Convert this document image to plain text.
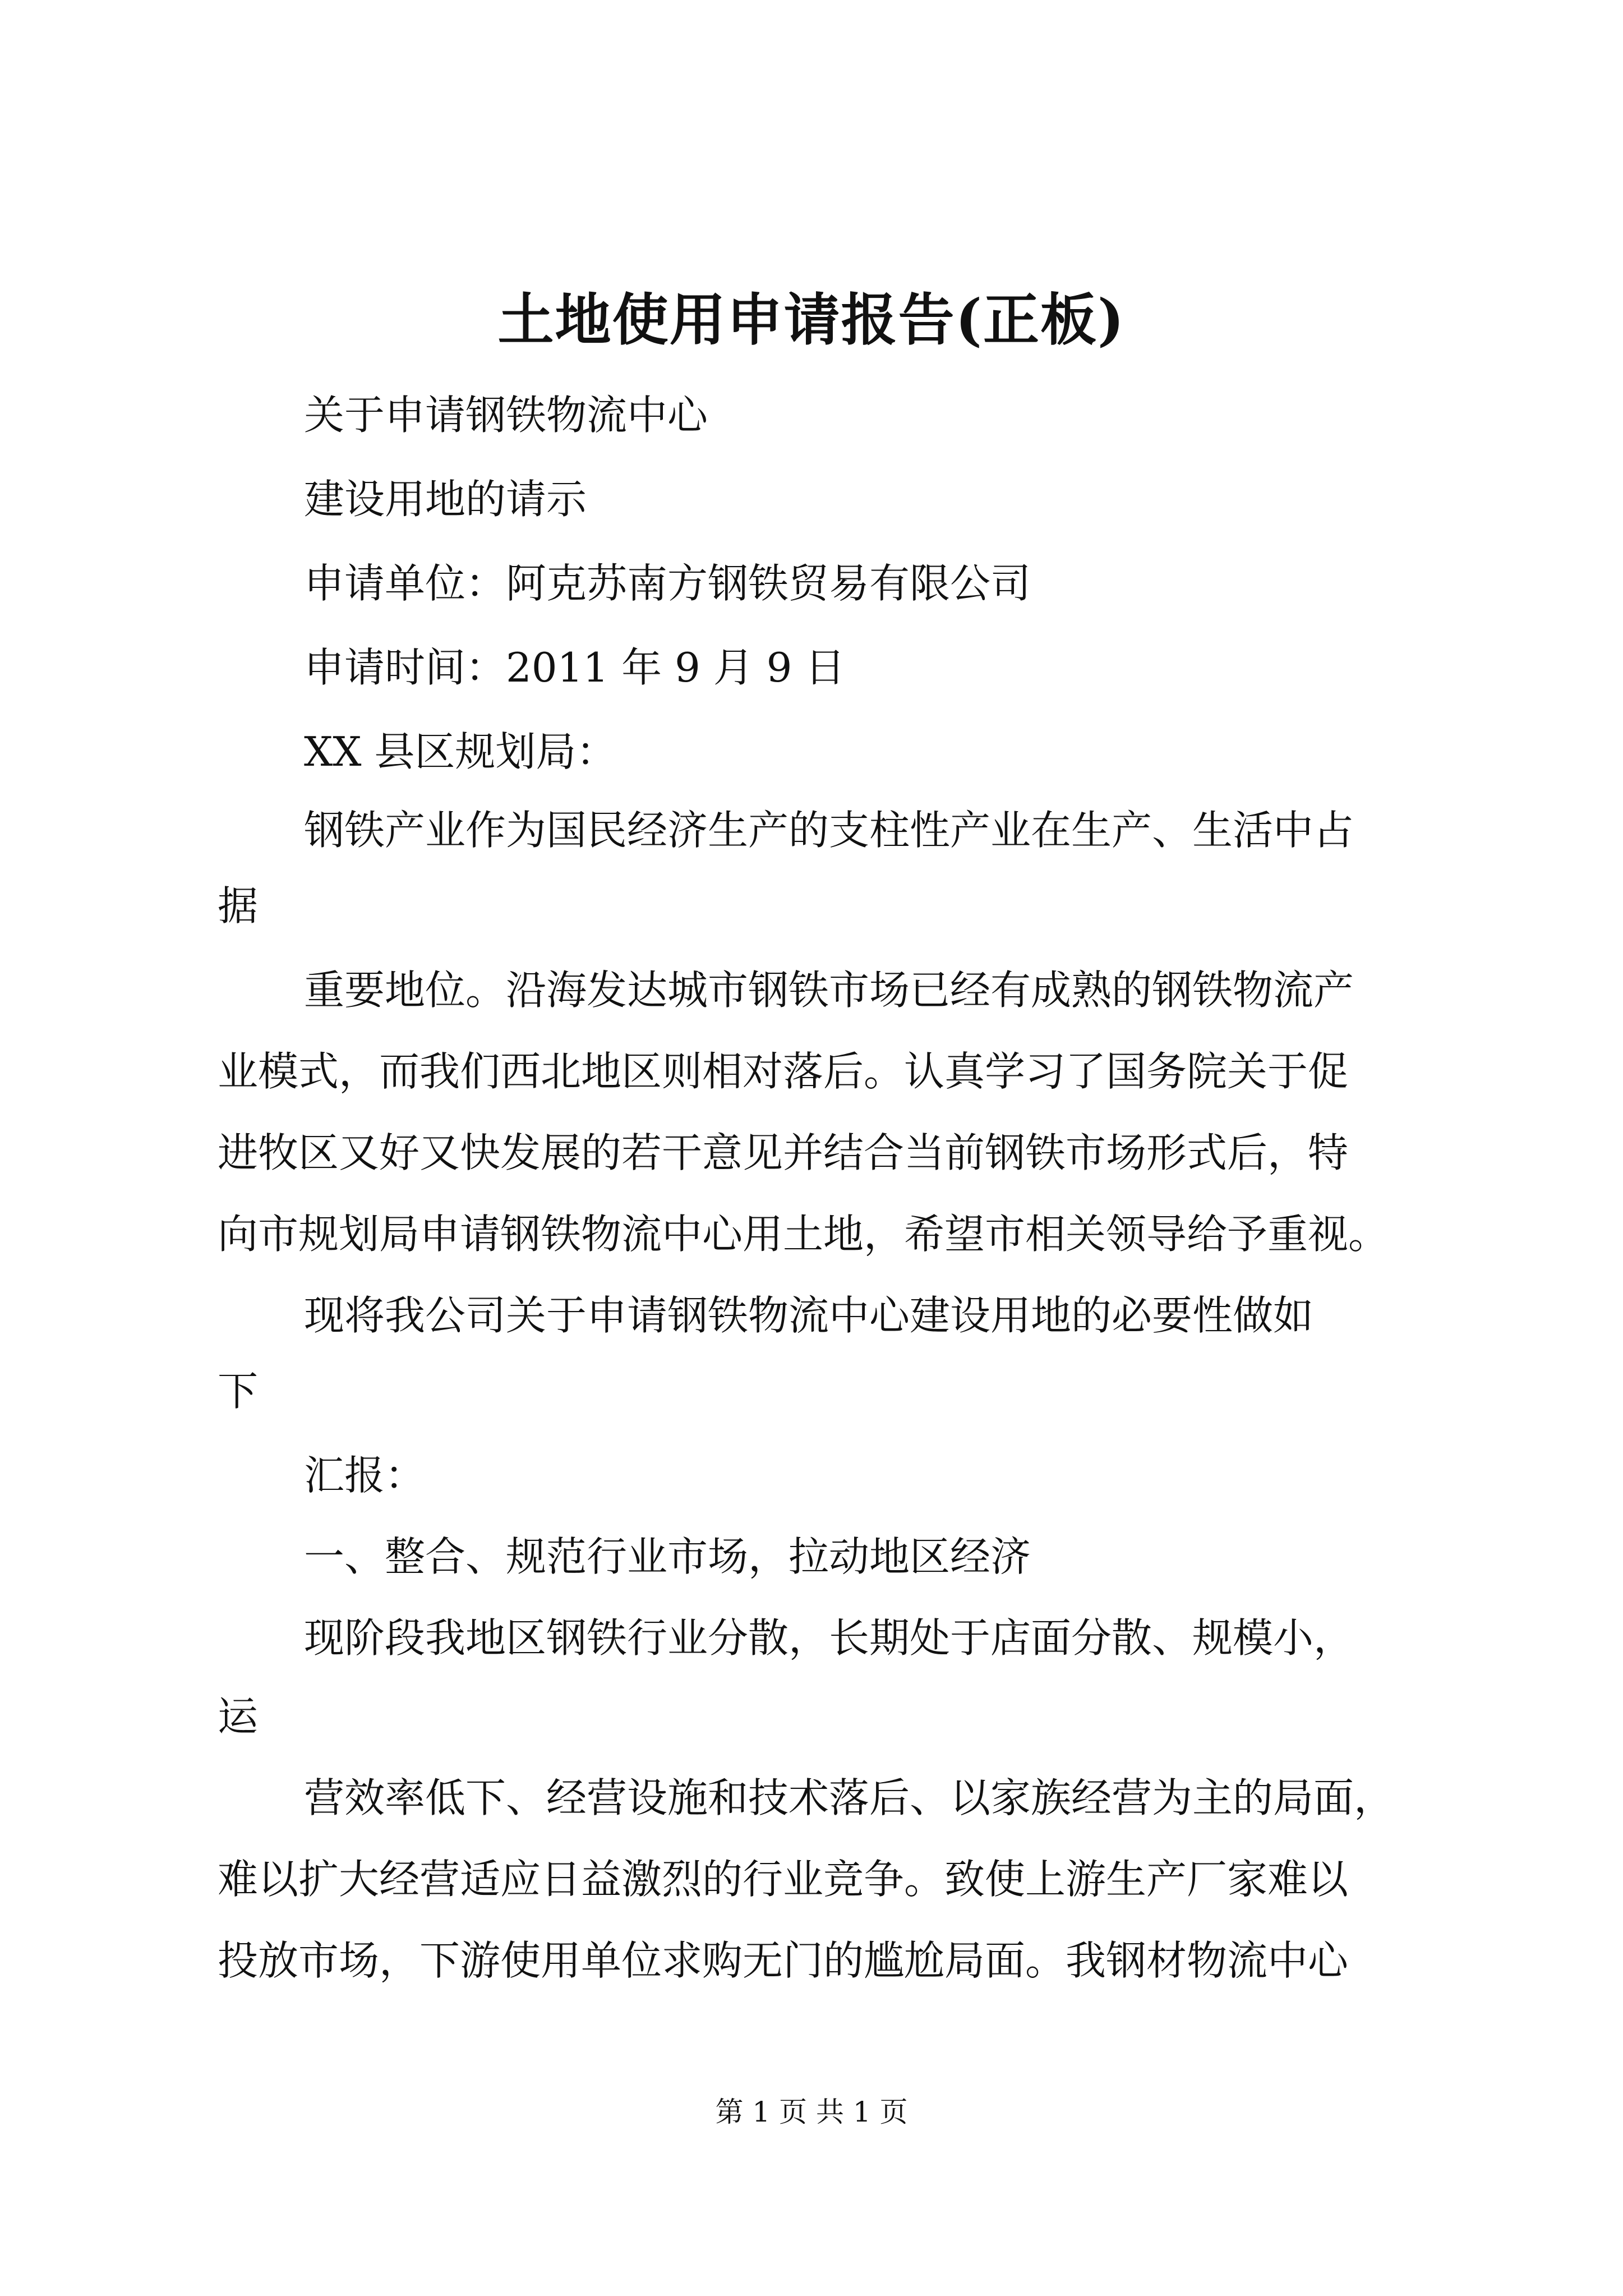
土地使用申请报告(正板)
关于申请钢铁物流中心
建设用地的请示
申请单位：阿克苏南方钢铁贸易有限公司
申请时间：2011 年 9 月 9 日
XX 县区规划局：
钢铁产业作为国民经济生产的支柱性产业在生产、生活中占
据
重要地位。沿海发达城市钢铁市场已经有成熟的钢铁物流产
业模式，而我们西北地区则相对落后。认真学习了国务院关于促
进牧区又好又快发展的若干意见并结合当前钢铁市场形式后，特
向市规划局申请钢铁物流中心用土地，希望市相关领导给予重视。
现将我公司关于申请钢铁物流中心建设用地的必要性做如
下
汇报：
一、整合、规范行业市场，拉动地区经济
现阶段我地区钢铁行业分散，长期处于店面分散、规模小，
运
营效率低下、经营设施和技术落后、以家族经营为主的局面，
难以扩大经营适应日益激烈的行业竞争。致使上游生产厂家难以
投放市场，下游使用单位求购无门的尴尬局面。我钢材物流中心
第 1 页 共 1 页
